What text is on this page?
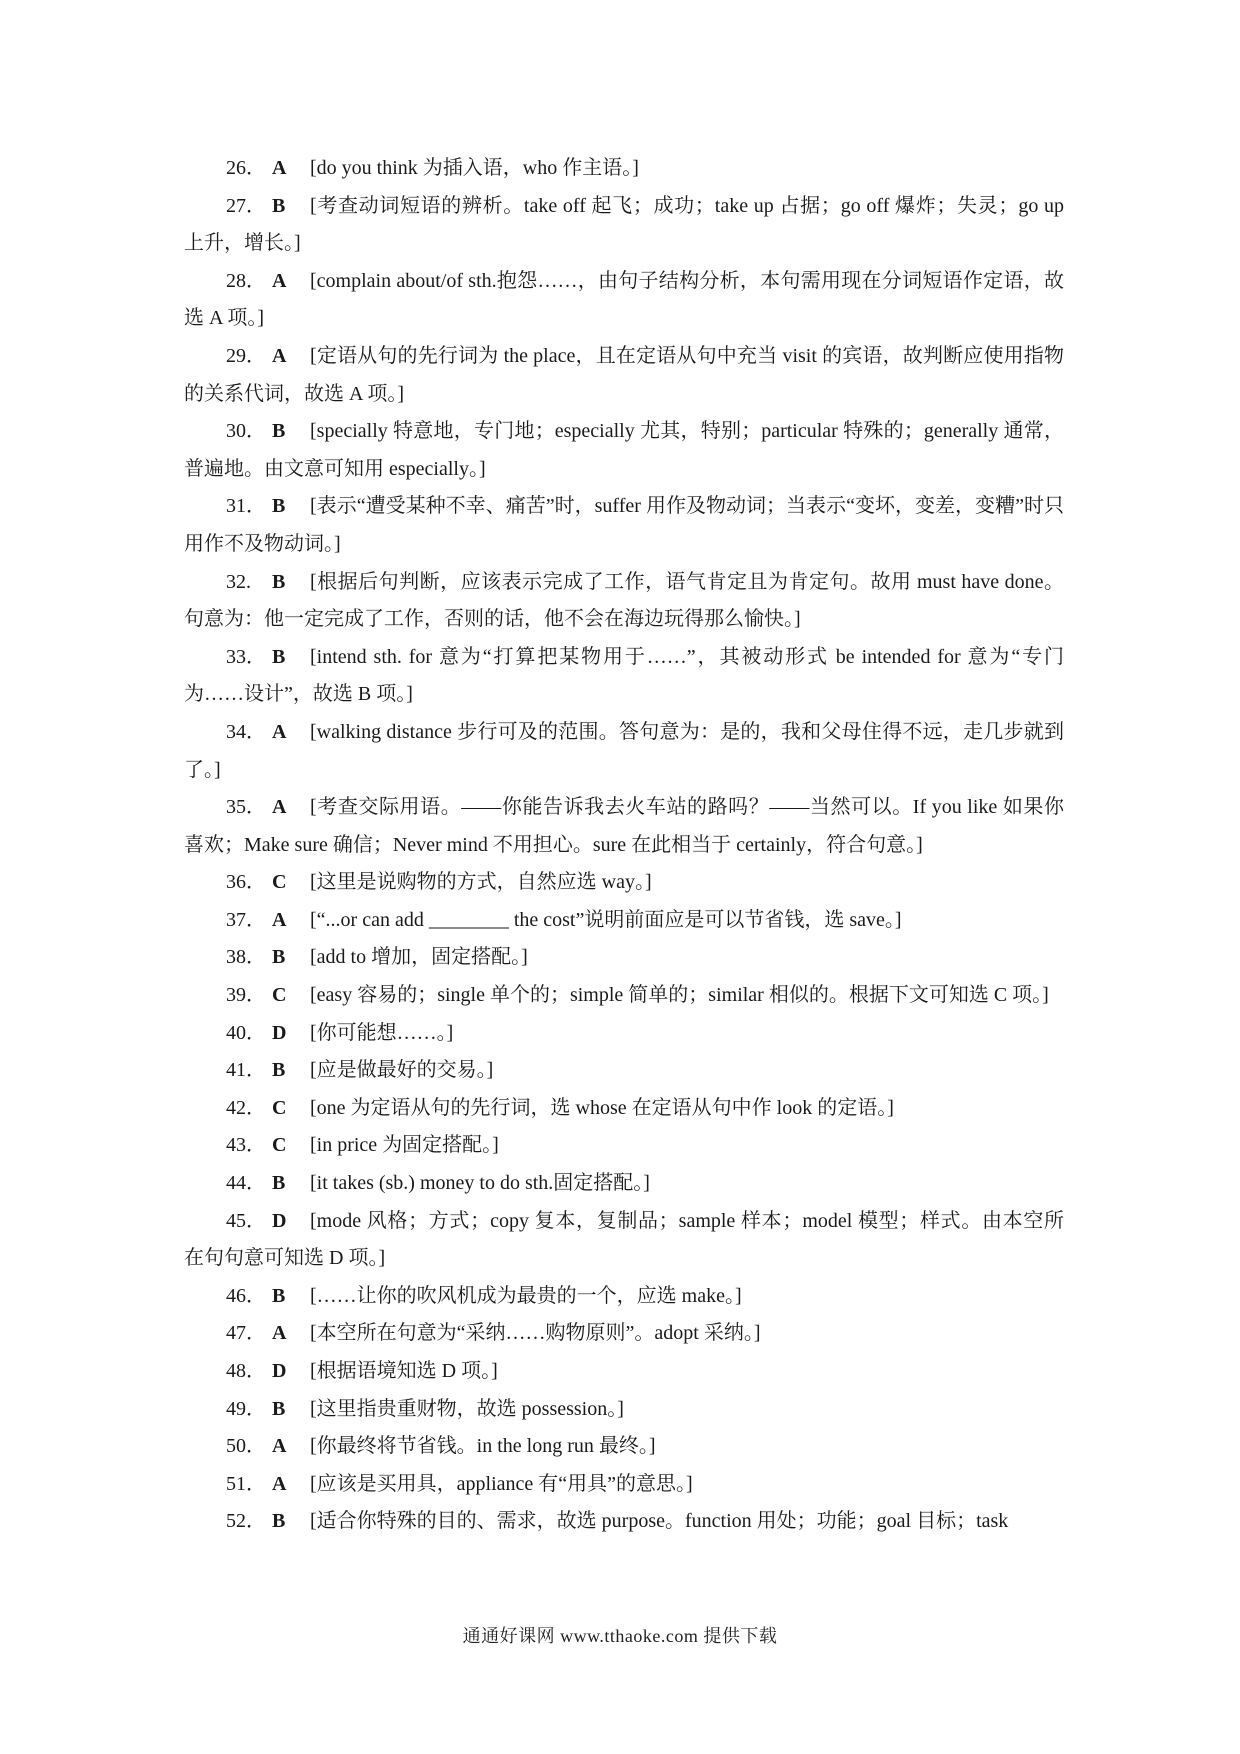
26． A [do you think 为插入语，who 作主语。]

27． B [考查动词短语的辨析。take off 起飞；成功；take up 占据；go off 爆炸；失灵；go up 上升，增长。]

28． A [complain about/of sth.抱怨……，由句子结构分析，本句需用现在分词短语作定语，故选 A 项。]

29． A [定语从句的先行词为 the place，且在定语从句中充当 visit 的宾语，故判断应使用指物的关系代词，故选 A 项。]

30． B [specially 特意地，专门地；especially 尤其，特别；particular 特殊的；generally 通常，普遍地。由文意可知用 especially。]

31． B [表示“遭受某种不幸、痛苦”时，suffer 用作及物动词；当表示“变坏，变差，变糟”时只用作不及物动词。]

32. B [根据后句判断，应该表示完成了工作，语气肯定且为肯定句。故用 must have done。句意为：他一定完成了工作，否则的话，他不会在海边玩得那么愉快。]

33． B [intend sth. for 意为“打算把某物用于……”，其被动形式 be intended for 意为“专门为……设计”，故选 B 项。]

34． A [walking distance 步行可及的范围。答句意为：是的，我和父母住得不远，走几步就到了。]

35． A [考查交际用语。——你能告诉我去火车站的路吗？——当然可以。If you like 如果你喜欢；Make sure 确信；Never mind 不用担心。sure 在此相当于 certainly，符合句意。]

36． C [这里是说购物的方式，自然应选 way。]

37． A [“...or can add ________ the cost”说明前面应是可以节省钱，选 save。]

38． B [add to 增加，固定搭配。]

39． C [easy 容易的；single 单个的；simple 简单的；similar 相似的。根据下文可知选 C 项。]

40． D [你可能想……。]

41． B [应是做最好的交易。]

42． C [one 为定语从句的先行词，选 whose 在定语从句中作 look 的定语。]

43． C [in price 为固定搭配。]

44． B [it takes (sb.) money to do sth.固定搭配。]

45． D [mode 风格；方式；copy 复本，复制品；sample 样本；model 模型；样式。由本空所在句句意可知选 D 项。]

46． B [……让你的吹风机成为最贵的一个，应选 make。]

47． A [本空所在句意为“采纳……购物原则”。adopt 采纳。]

48． D [根据语境知选 D 项。]

49． B [这里指贵重财物，故选 possession。]

50． A [你最终将节省钱。in the long run 最终。]

51． A [应该是买用具，appliance 有“用具”的意思。]

52． B [适合你特殊的目的、需求，故选 purpose。function 用处；功能；goal 目标；task

通通好课网 www.tthaoke.com 提供下载
